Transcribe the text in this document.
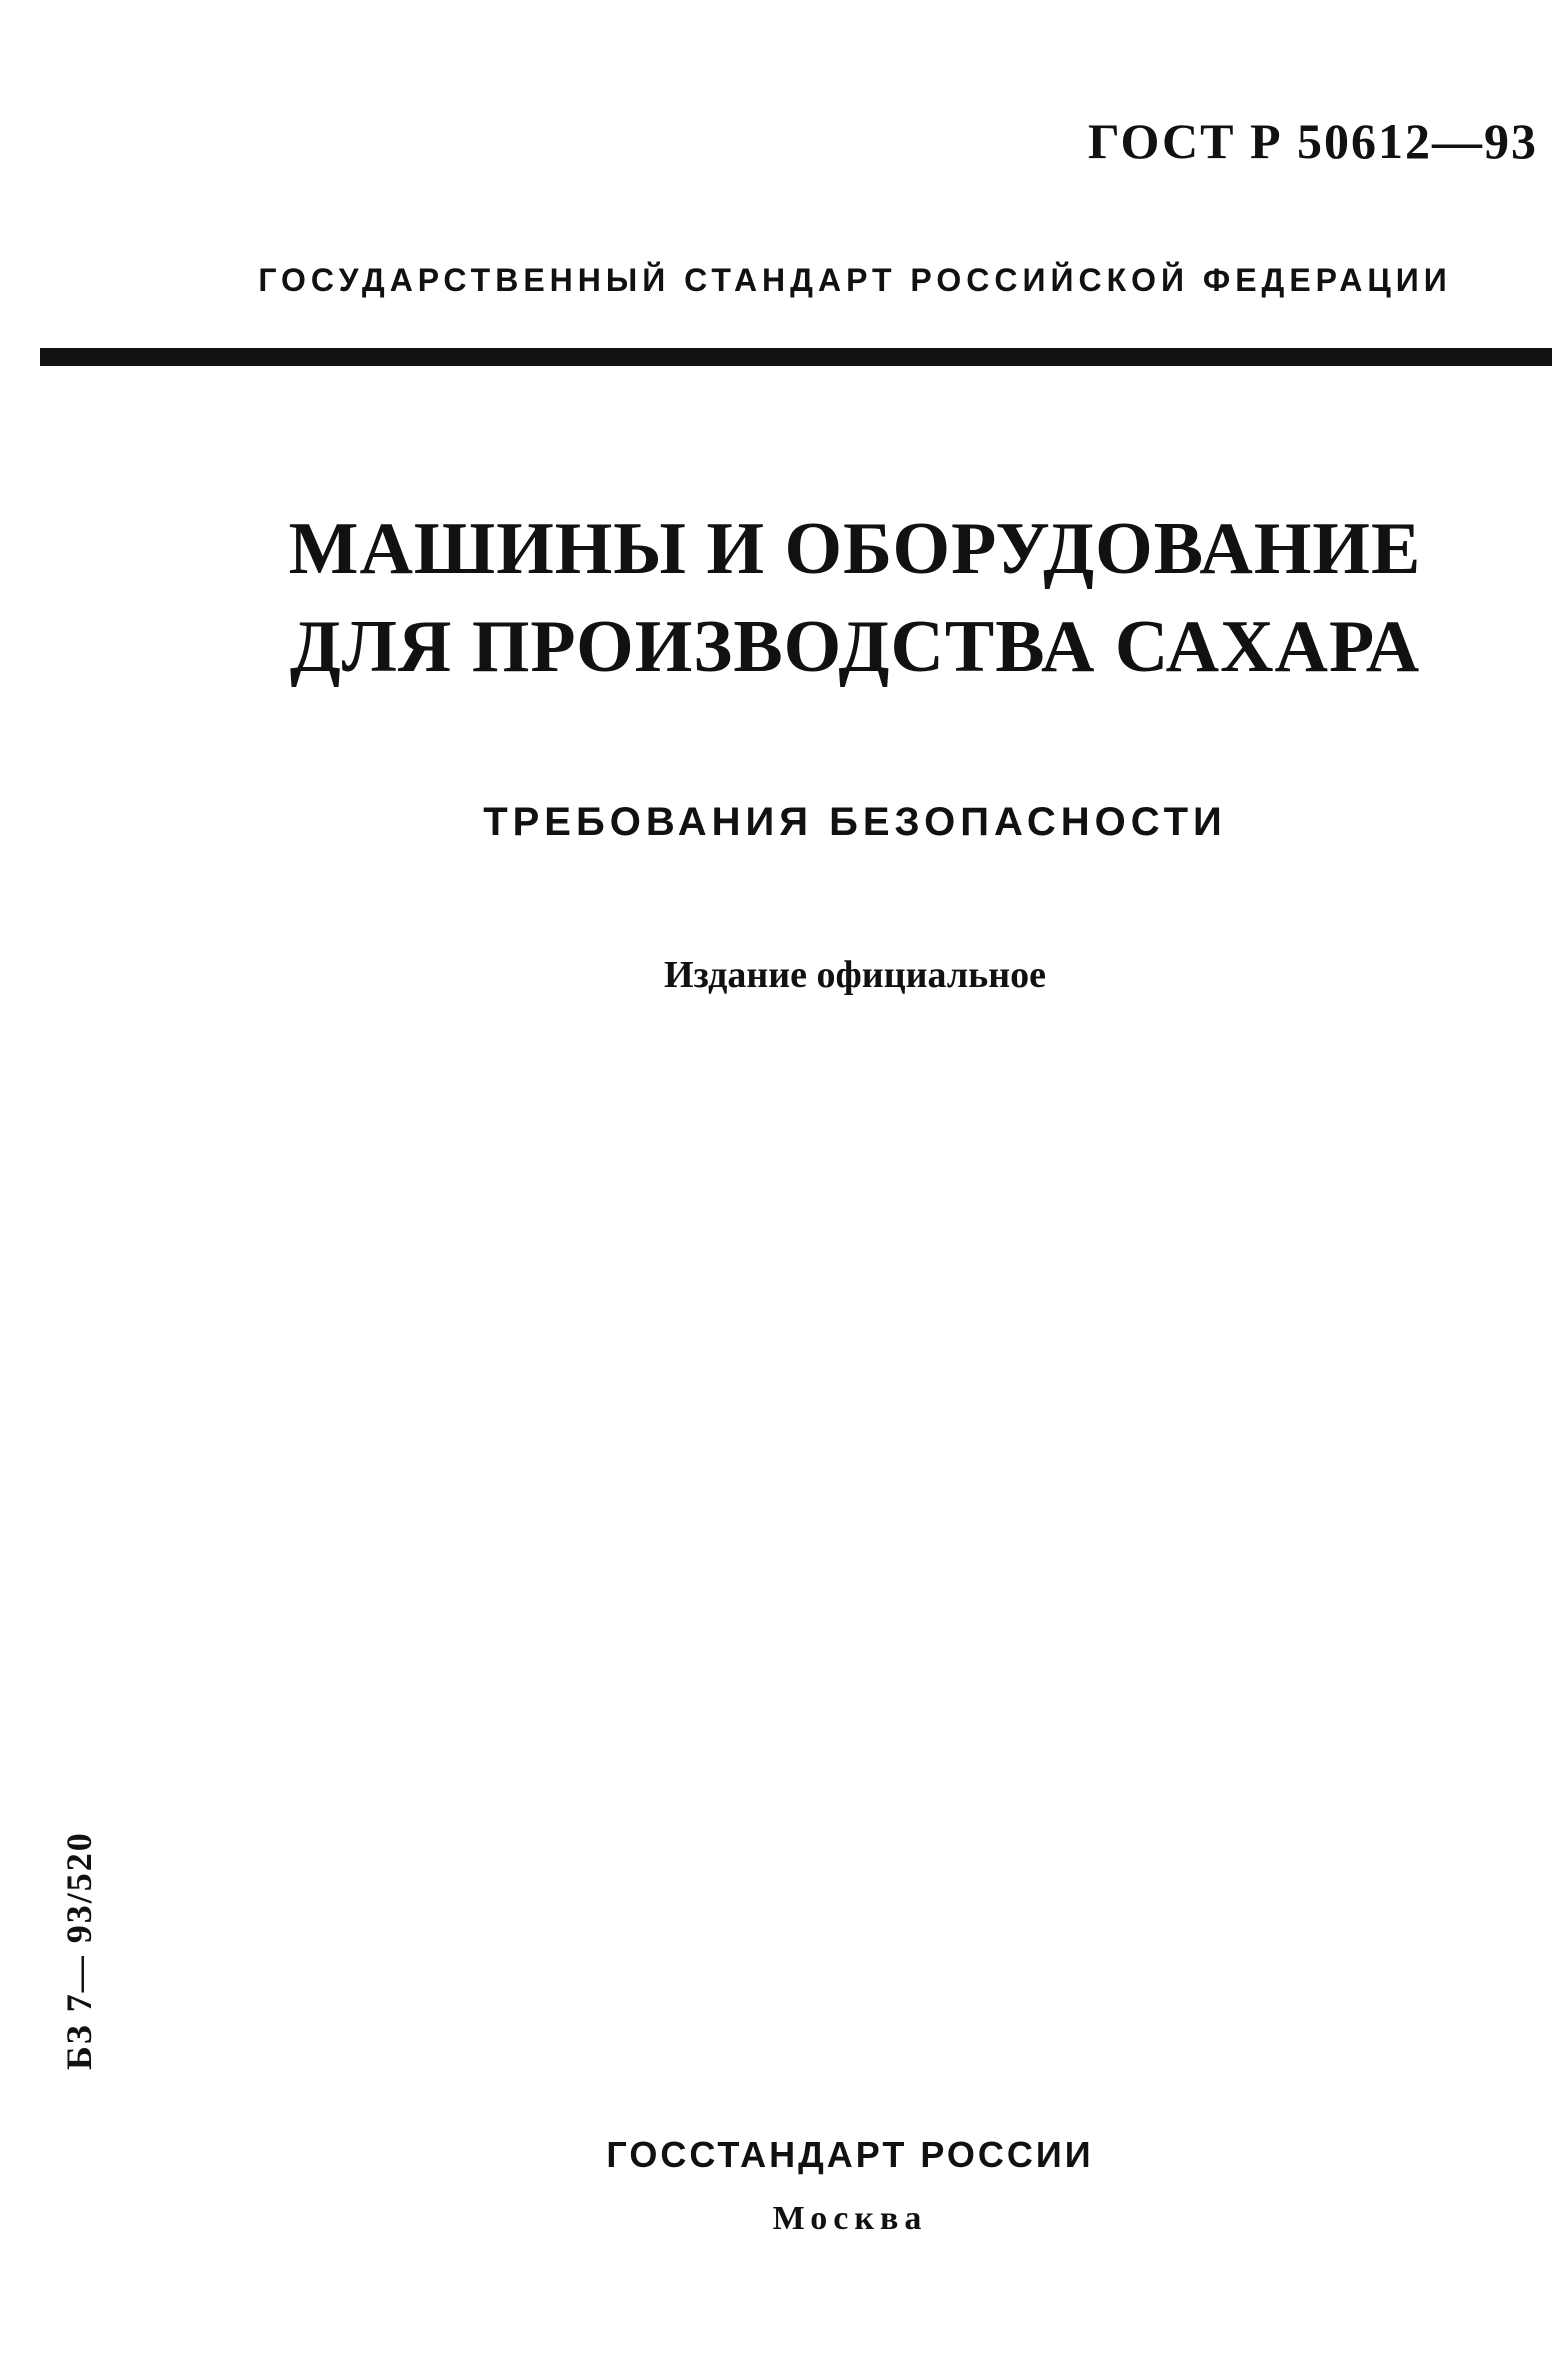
ГОСТ Р 50612—93
ГОСУДАРСТВЕННЫЙ СТАНДАРТ РОССИЙСКОЙ ФЕДЕРАЦИИ
МАШИНЫ И ОБОРУДОВАНИЕ
ДЛЯ ПРОИЗВОДСТВА САХАРА
ТРЕБОВАНИЯ БЕЗОПАСНОСТИ
Издание официальное
БЗ 7— 93/520
ГОССТАНДАРТ РОССИИ
Москва
